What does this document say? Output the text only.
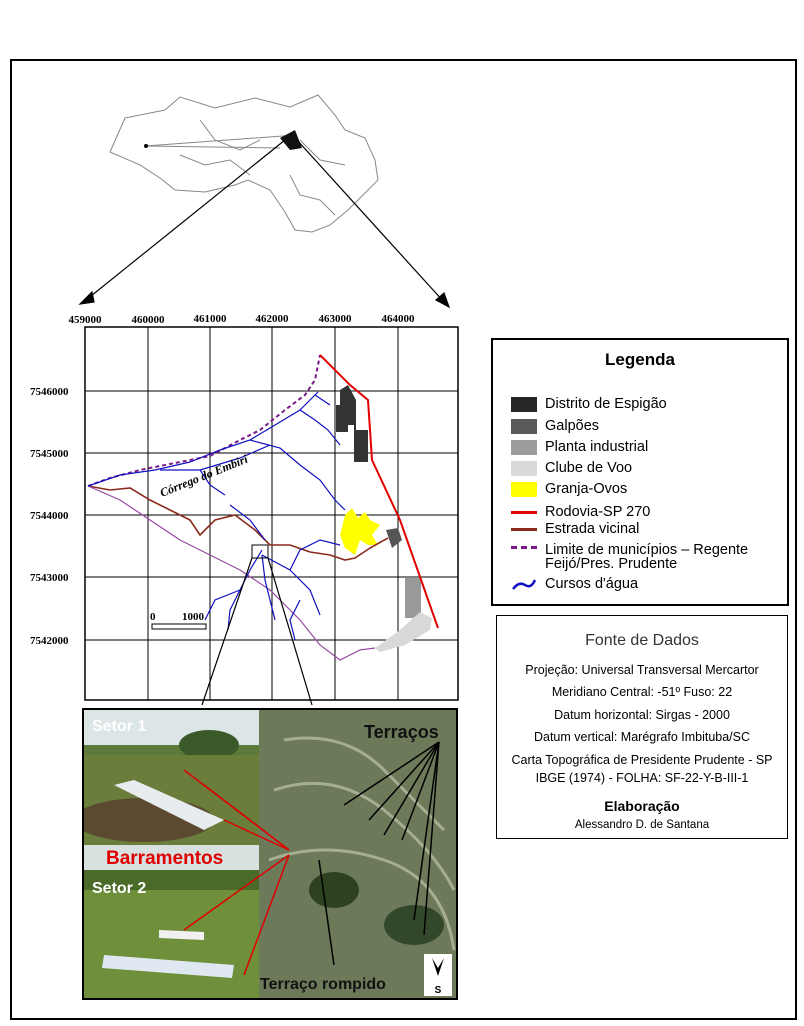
459000	460000	461000	462000	463000	464000
7546000
7545000
7544000
7543000
7542000
Córrego do Embiri
0 1000
Legenda
Distrito de Espigão
Galpões
Planta industrial
Clube de Voo
Granja-Ovos
Rodovia-SP 270
Estrada vicinal
Limite de municípios – Regente
Feijó/Pres. Prudente
Cursos d'água
Fonte de Dados
Projeção: Universal Transversal Mercartor
Meridiano Central: -51º Fuso: 22
Datum horizontal: Sirgas - 2000
Datum vertical: Marégrafo Imbituba/SC
Carta Topográfica de Presidente Prudente - SP
IBGE (1974) - FOLHA: SF-22-Y-B-III-1
Elaboração
Alessandro D. de Santana
Setor 1
Setor 2
Barramentos
Terraços
Terraço rompido	S
